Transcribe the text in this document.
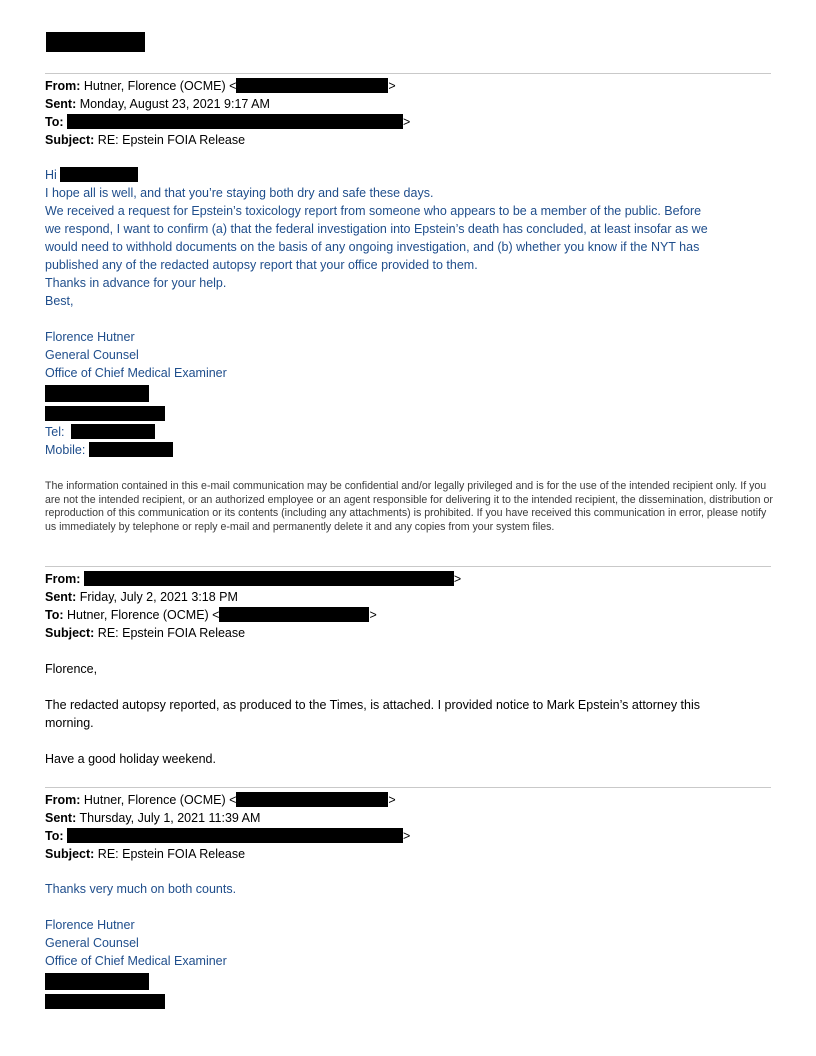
From: Hutner, Florence (OCME) <	>
Sent: Monday, August 23, 2021 9:17 AM
To:	>
Subject: RE: Epstein FOIA Release
Hi
I hope all is well, and that you’re staying both dry and safe these days.
We received a request for Epstein’s toxicology report from someone who appears to be a member of the public. Before
we respond, I want to confirm (a) that the federal investigation into Epstein’s death has concluded, at least insofar as we
would need to withhold documents on the basis of any ongoing investigation, and (b) whether you know if the NYT has
published any of the redacted autopsy report that your office provided to them.
Thanks in advance for your help.
Best,
Florence Hutner
General Counsel
Office of Chief Medical Examiner
Tel:
Mobile:
The information contained in this e-mail communication may be confidential and/or legally privileged and is for the use of the intended recipient only. If you are not the intended recipient, or an authorized employee or an agent responsible for delivering it to the intended recipient, the dissemination, distribution or reproduction of this communication or its contents (including any attachments) is prohibited. If you have received this communication in error, please notify us immediately by telephone or reply e-mail and permanently delete it and any copies from your system files.
From:	>
Sent: Friday, July 2, 2021 3:18 PM
To: Hutner, Florence (OCME) <	>
Subject: RE: Epstein FOIA Release
Florence,
The redacted autopsy reported, as produced to the Times, is attached. I provided notice to Mark Epstein’s attorney this
morning.
Have a good holiday weekend.
From: Hutner, Florence (OCME) <	>
Sent: Thursday, July 1, 2021 11:39 AM
To:	>
Subject: RE: Epstein FOIA Release
Thanks very much on both counts.
Florence Hutner
General Counsel
Office of Chief Medical Examiner
